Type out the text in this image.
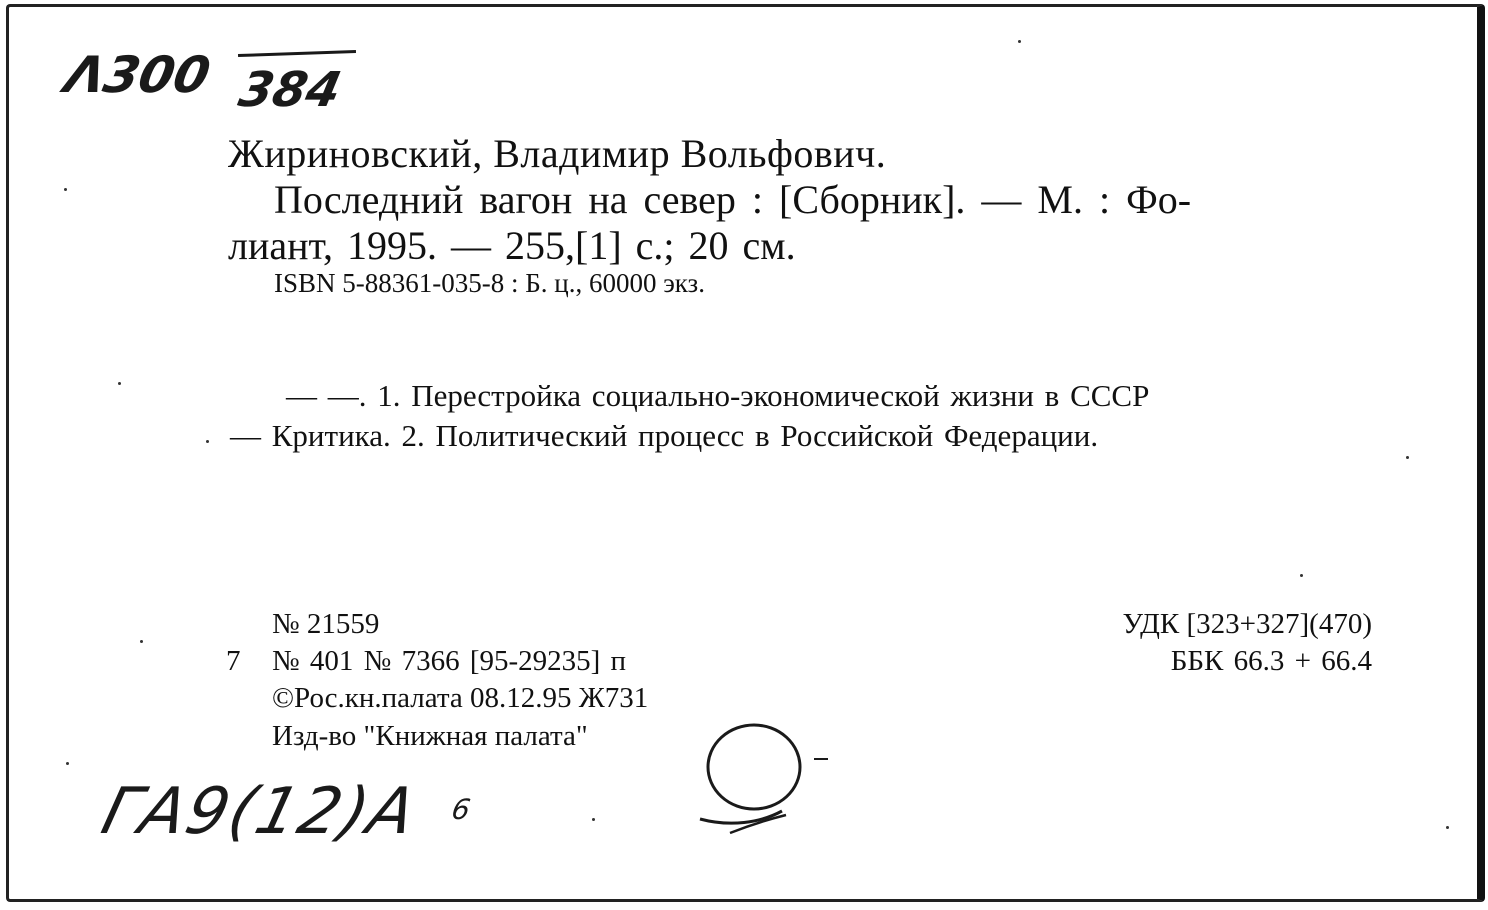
Λ300 384
Жириновский, Владимир Вольфович.
Последний вагон на север : [Сборник]. — М. : Фо-
лиант, 1995. — 255,[1] с.; 20 см.
ISBN 5-88361-035-8 : Б. ц., 60000 экз.
— —. 1. Перестройка социально-экономической жизни в СССР
— Критика. 2. Политический процесс в Российской Федерации.
№ 21559
7 № 401 № 7366 [95-29235] п
©Рос.кн.палата 08.12.95 Ж731
Изд-во "Книжная палата"
УДК [323+327](470)
ББК 66.3 + 66.4
ГА9(12)А 6
